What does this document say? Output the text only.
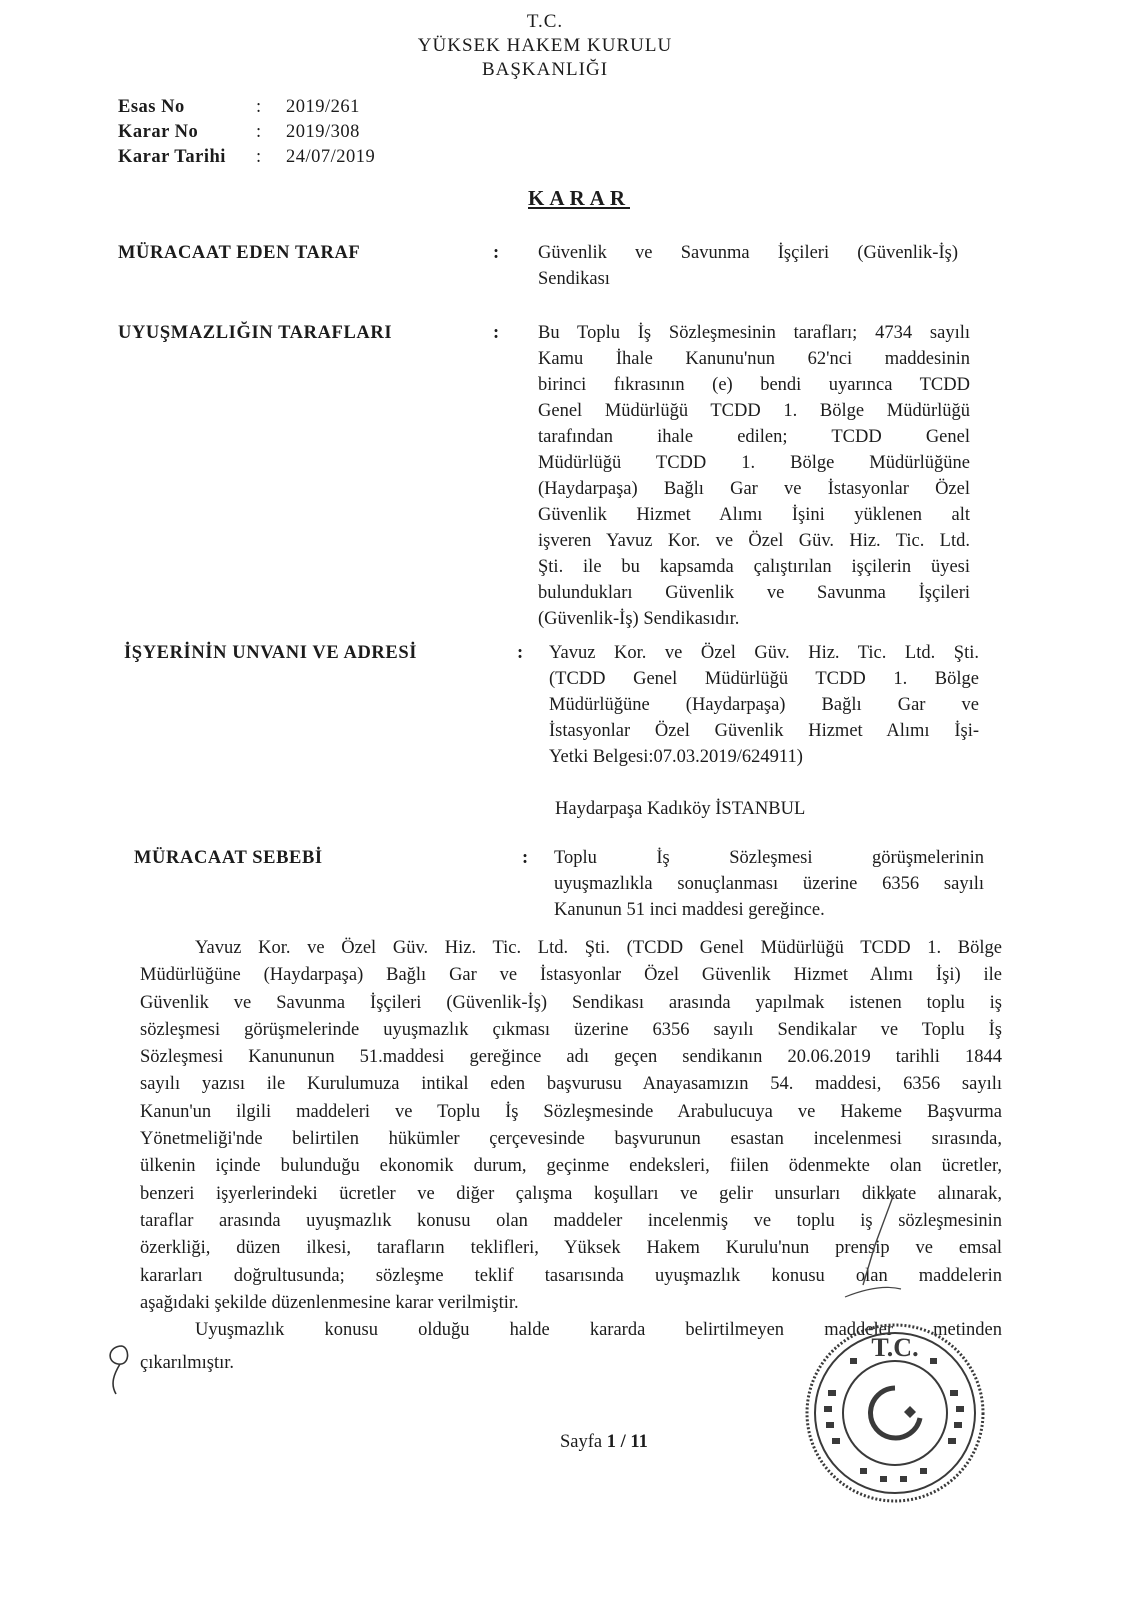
T.C.
YÜKSEK HAKEM KURULU
BAŞKANLIĞI
Esas No	:	2019/261
Karar No	:	2019/308
Karar Tarihi	:	24/07/2019
KARAR
MÜRACAAT EDEN TARAF	: Güvenlik ve Savunma İşçileri (Güvenlik-İş)
Sendikası
UYUŞMAZLIĞIN TARAFLARI	: Bu Toplu İş Sözleşmesinin tarafları; 4734 sayılı
Kamu İhale Kanunu'nun 62'nci maddesinin
birinci fıkrasının (e) bendi uyarınca TCDD
Genel Müdürlüğü TCDD 1. Bölge Müdürlüğü
tarafından ihale edilen; TCDD Genel
Müdürlüğü TCDD 1. Bölge Müdürlüğüne
(Haydarpaşa) Bağlı Gar ve İstasyonlar Özel
Güvenlik Hizmet Alımı İşini yüklenen alt
işveren Yavuz Kor. ve Özel Güv. Hiz. Tic. Ltd.
Şti. ile bu kapsamda çalıştırılan işçilerin üyesi
bulundukları Güvenlik ve Savunma İşçileri
(Güvenlik-İş) Sendikasıdır.
İŞYERİNİN UNVANI VE ADRESİ	: Yavuz Kor. ve Özel Güv. Hiz. Tic. Ltd. Şti.
(TCDD Genel Müdürlüğü TCDD 1. Bölge
Müdürlüğüne (Haydarpaşa) Bağlı Gar ve
İstasyonlar Özel Güvenlik Hizmet Alımı İşi-
Yetki Belgesi:07.03.2019/624911)
Haydarpaşa Kadıköy İSTANBUL
MÜRACAAT SEBEBİ	: Toplu İş Sözleşmesi görüşmelerinin
uyuşmazlıkla sonuçlanması üzerine 6356 sayılı
Kanunun 51 inci maddesi gereğince.
Yavuz Kor. ve Özel Güv. Hiz. Tic. Ltd. Şti. (TCDD Genel Müdürlüğü TCDD 1. Bölge
Müdürlüğüne (Haydarpaşa) Bağlı Gar ve İstasyonlar Özel Güvenlik Hizmet Alımı İşi) ile
Güvenlik ve Savunma İşçileri (Güvenlik-İş) Sendikası arasında yapılmak istenen toplu iş
sözleşmesi görüşmelerinde uyuşmazlık çıkması üzerine 6356 sayılı Sendikalar ve Toplu İş
Sözleşmesi Kanununun 51.maddesi gereğince adı geçen sendikanın 20.06.2019 tarihli 1844
sayılı yazısı ile Kurulumuza intikal eden başvurusu Anayasamızın 54. maddesi, 6356 sayılı
Kanun'un ilgili maddeleri ve Toplu İş Sözleşmesinde Arabulucuya ve Hakeme Başvurma
Yönetmeliği'nde belirtilen hükümler çerçevesinde başvurunun esastan incelenmesi sırasında,
ülkenin içinde bulunduğu ekonomik durum, geçinme endeksleri, fiilen ödenmekte olan ücretler,
benzeri işyerlerindeki ücretler ve diğer çalışma koşulları ve gelir unsurları dikkate alınarak,
taraflar arasında uyuşmazlık konusu olan maddeler incelenmiş ve toplu iş sözleşmesinin
özerkliği, düzen ilkesi, tarafların teklifleri, Yüksek Hakem Kurulu'nun prensip ve emsal
kararları doğrultusunda; sözleşme teklif tasarısında uyuşmazlık konusu olan maddelerin
aşağıdaki şekilde düzenlenmesine karar verilmiştir.
Uyuşmazlık konusu olduğu halde kararda belirtilmeyen maddeler metinden
çıkarılmıştır.
Sayfa 1 / 11
T.C.
